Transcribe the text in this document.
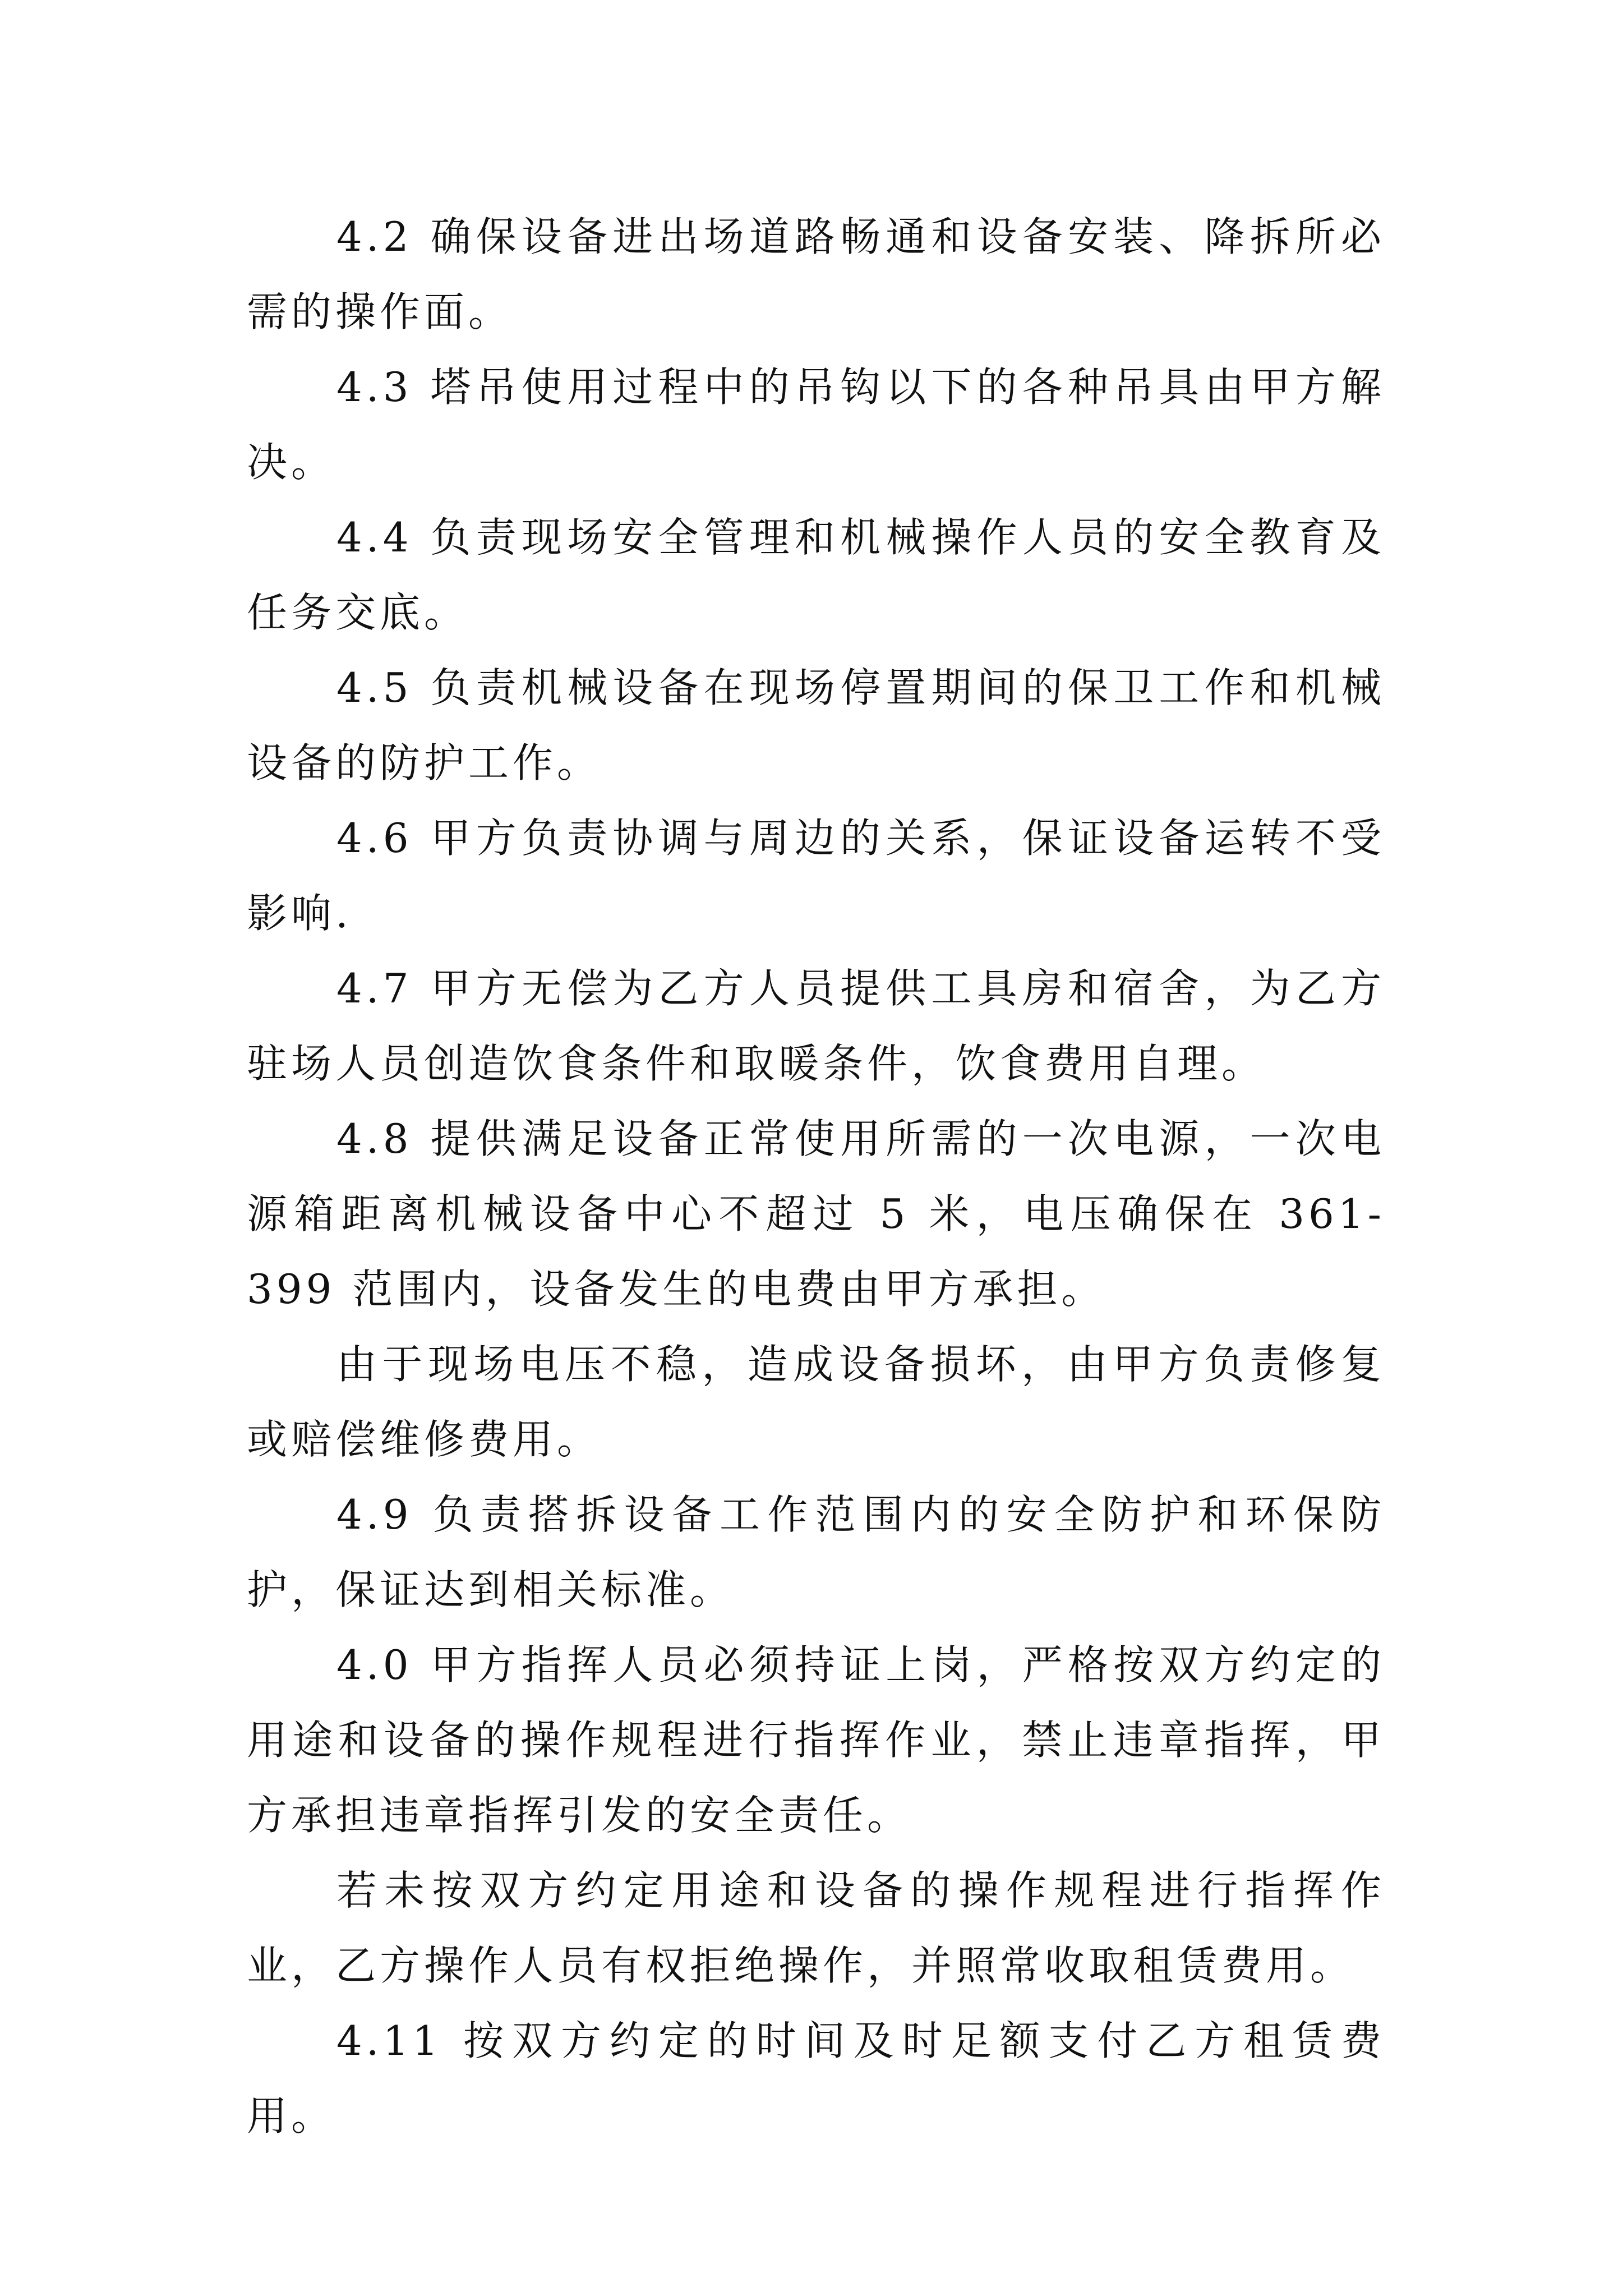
4.2 确保设备进出场道路畅通和设备安装、降拆所必需的操作面。

4.3 塔吊使用过程中的吊钩以下的各种吊具由甲方解决。

4.4 负责现场安全管理和机械操作人员的安全教育及任务交底。

4.5 负责机械设备在现场停置期间的保卫工作和机械设备的防护工作。

4.6 甲方负责协调与周边的关系，保证设备运转不受影响.

4.7 甲方无偿为乙方人员提供工具房和宿舍，为乙方驻场人员创造饮食条件和取暖条件，饮食费用自理。

4.8 提供满足设备正常使用所需的一次电源，一次电源箱距离机械设备中心不超过 5 米，电压确保在 361-399 范围内，设备发生的电费由甲方承担。

由于现场电压不稳，造成设备损坏，由甲方负责修复或赔偿维修费用。

4.9 负责搭拆设备工作范围内的安全防护和环保防护，保证达到相关标准。

4.0 甲方指挥人员必须持证上岗，严格按双方约定的用途和设备的操作规程进行指挥作业，禁止违章指挥，甲方承担违章指挥引发的安全责任。

若未按双方约定用途和设备的操作规程进行指挥作业，乙方操作人员有权拒绝操作，并照常收取租赁费用。

4.11 按双方约定的时间及时足额支付乙方租赁费用。
